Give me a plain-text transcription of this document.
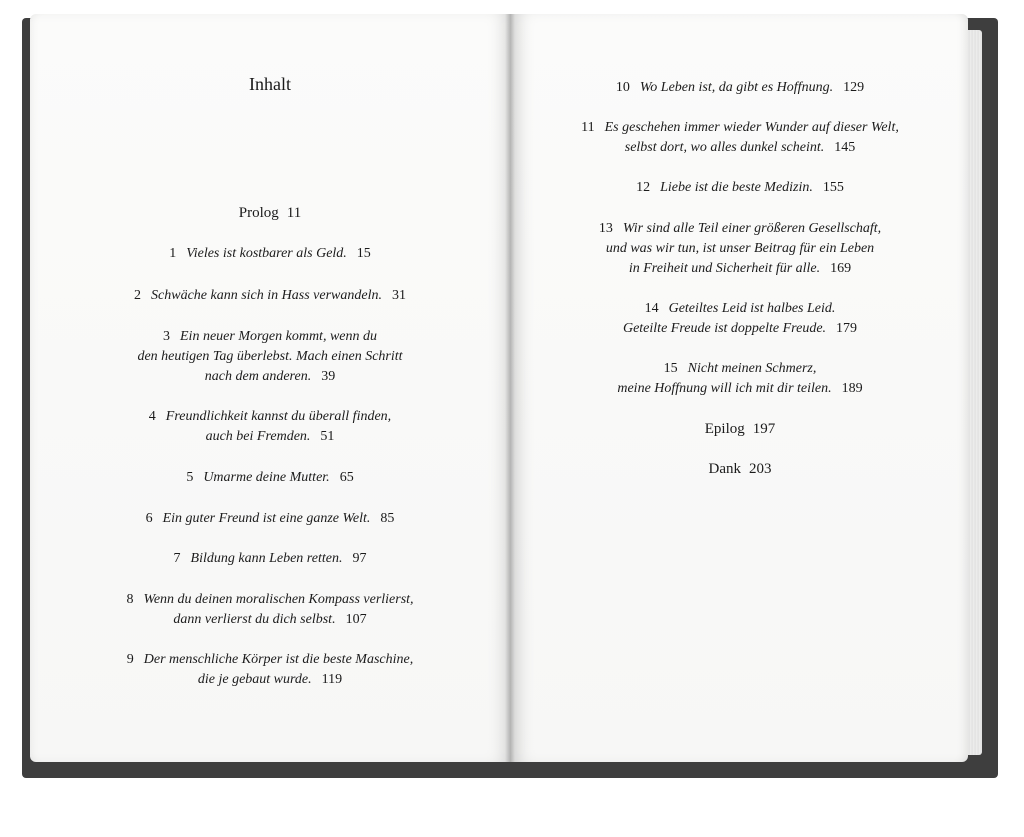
Inhalt
Prolog 11
1 Vieles ist kostbarer als Geld. 15
2 Schwäche kann sich in Hass verwandeln. 31
3 Ein neuer Morgen kommt, wenn du
den heutigen Tag überlebst. Mach einen Schritt
nach dem anderen. 39
4 Freundlichkeit kannst du überall finden,
auch bei Fremden. 51
5 Umarme deine Mutter. 65
6 Ein guter Freund ist eine ganze Welt. 85
7 Bildung kann Leben retten. 97
8 Wenn du deinen moralischen Kompass verlierst,
dann verlierst du dich selbst. 107
9 Der menschliche Körper ist die beste Maschine,
die je gebaut wurde. 119
10 Wo Leben ist, da gibt es Hoffnung. 129
11 Es geschehen immer wieder Wunder auf dieser Welt,
selbst dort, wo alles dunkel scheint. 145
12 Liebe ist die beste Medizin. 155
13 Wir sind alle Teil einer größeren Gesellschaft,
und was wir tun, ist unser Beitrag für ein Leben
in Freiheit und Sicherheit für alle. 169
14 Geteiltes Leid ist halbes Leid.
Geteilte Freude ist doppelte Freude. 179
15 Nicht meinen Schmerz,
meine Hoffnung will ich mit dir teilen. 189
Epilog 197
Dank 203
